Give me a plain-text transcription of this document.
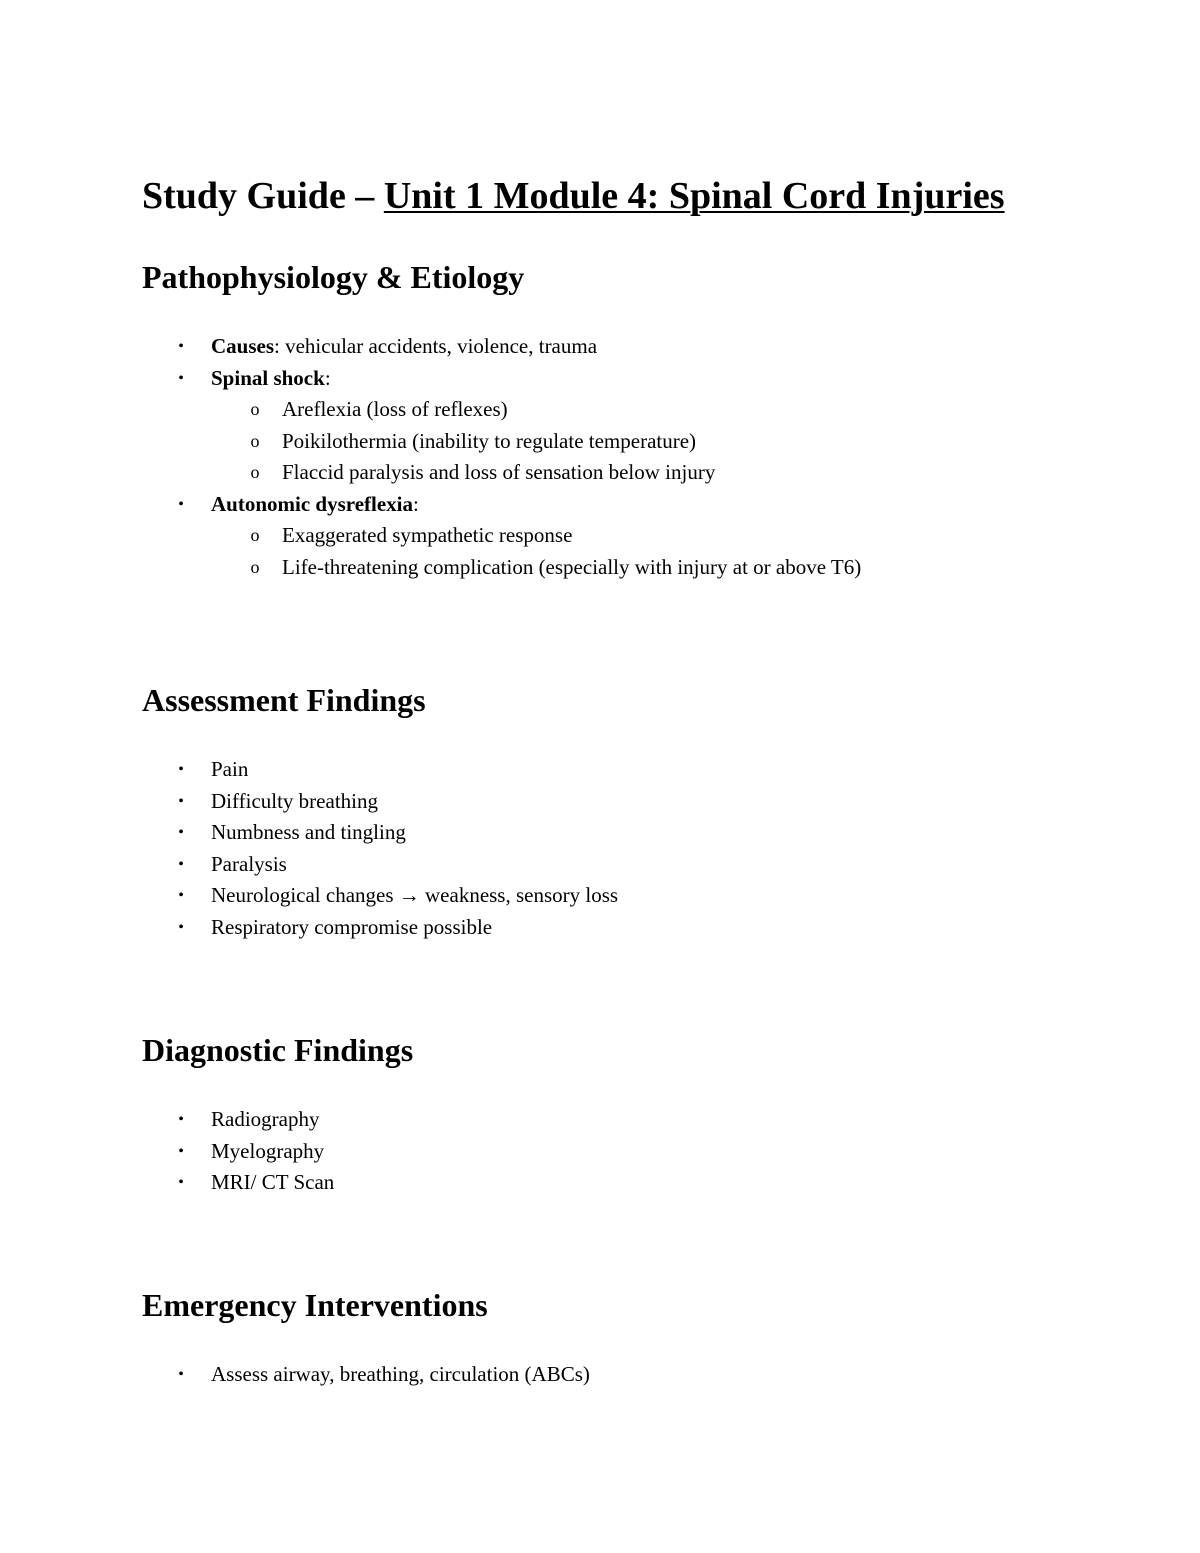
Study Guide – Unit 1 Module 4: Spinal Cord Injuries
Pathophysiology & Etiology
• Causes: vehicular accidents, violence, trauma
• Spinal shock:
o Areflexia (loss of reflexes)
o Poikilothermia (inability to regulate temperature)
o Flaccid paralysis and loss of sensation below injury
• Autonomic dysreflexia:
o Exaggerated sympathetic response
o Life-threatening complication (especially with injury at or above T6)
Assessment Findings
• Pain
• Difficulty breathing
• Numbness and tingling
• Paralysis
• Neurological changes → weakness, sensory loss
• Respiratory compromise possible
Diagnostic Findings
• Radiography
• Myelography
• MRI/ CT Scan
Emergency Interventions
• Assess airway, breathing, circulation (ABCs)
